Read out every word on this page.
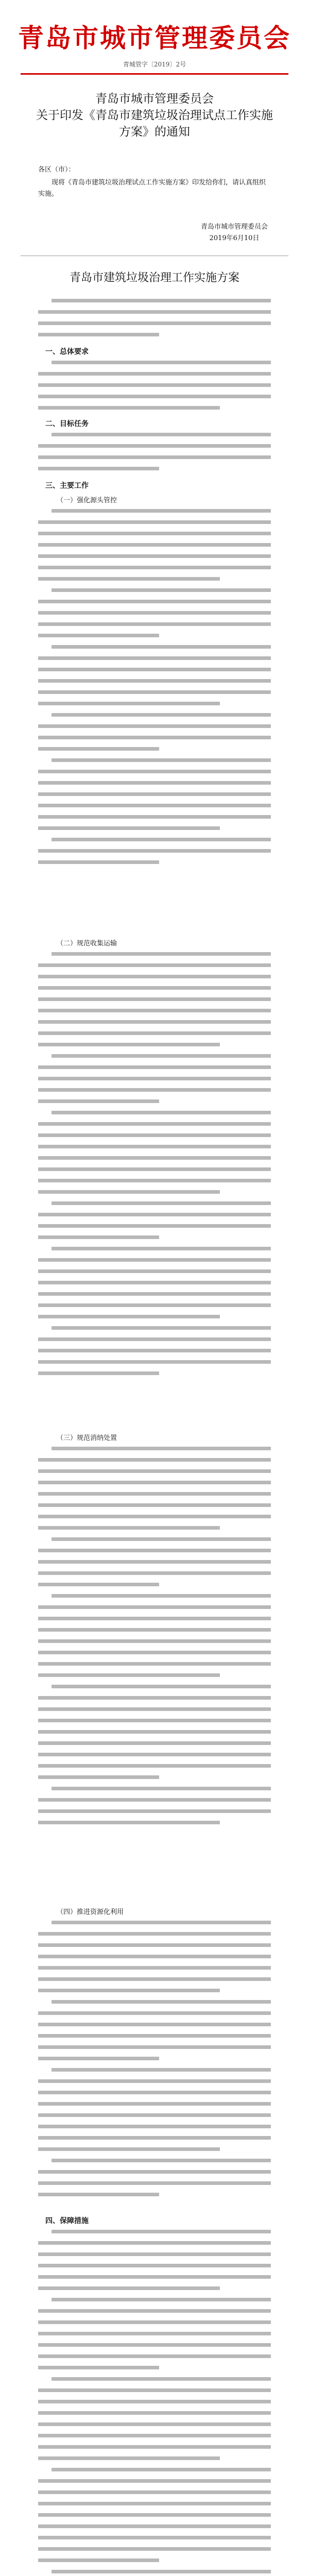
青岛市城市管理委员会
青城管字〔2019〕2号
青岛市城市管理委员会
关于印发《青岛市建筑垃圾治理试点工作实施
方案》的通知
各区（市）：
现将《青岛市建筑垃圾治理试点工作实施方案》印发给你们，请认真组织实施。
青岛市城市管理委员会
2019年6月10日
青岛市建筑垃圾治理工作实施方案
一、总体要求
二、目标任务
三、主要工作
（一）强化源头管控
（二）规范收集运输
（三）规范消纳处置
（四）推进资源化利用
四、保障措施
